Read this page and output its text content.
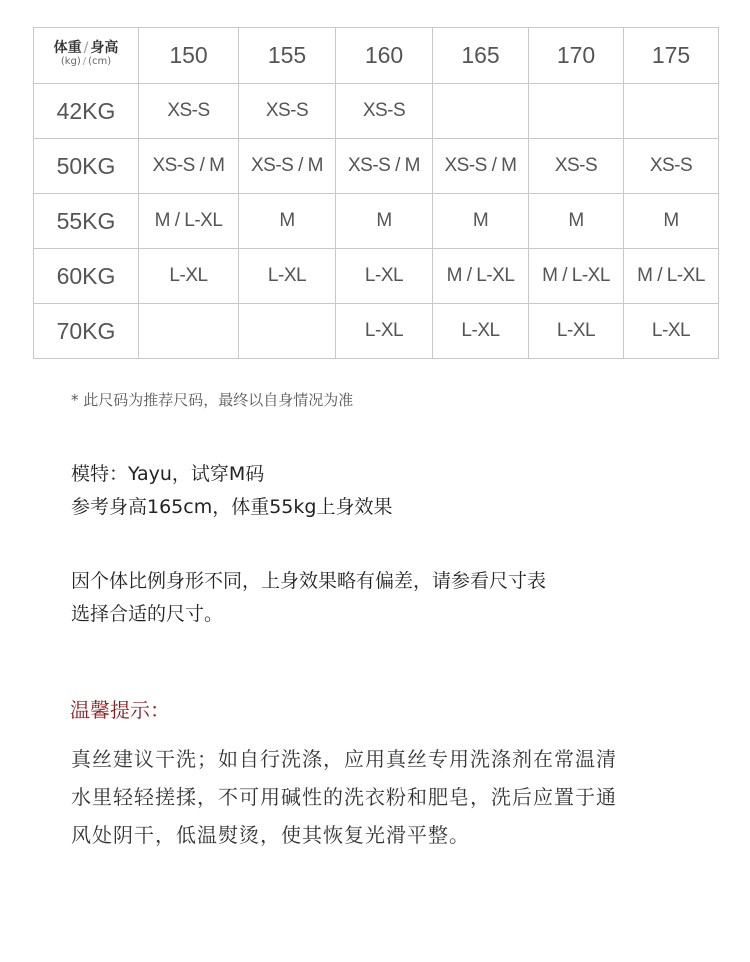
体重 / 身高
(kg) / (cm)	150	155	160	165	170	175
42KG	XS-S	XS-S	XS-S			
50KG	XS-S / M	XS-S / M	XS-S / M	XS-S / M	XS-S	XS-S
55KG	M / L-XL	M	M	M	M	M
60KG	L-XL	L-XL	L-XL	M / L-XL	M / L-XL	M / L-XL
70KG			L-XL	L-XL	L-XL	L-XL
* 此尺码为推荐尺码，最终以自身情况为准
模特：Yayu，试穿M码
参考身高165cm，体重55kg上身效果
因个体比例身形不同，上身效果略有偏差，请参看尺寸表
选择合适的尺寸。
温馨提示：
真丝建议干洗；如自行洗涤，应用真丝专用洗涤剂在常温清
水里轻轻搓揉，不可用碱性的洗衣粉和肥皂，洗后应置于通
风处阴干，低温熨烫，使其恢复光滑平整。
